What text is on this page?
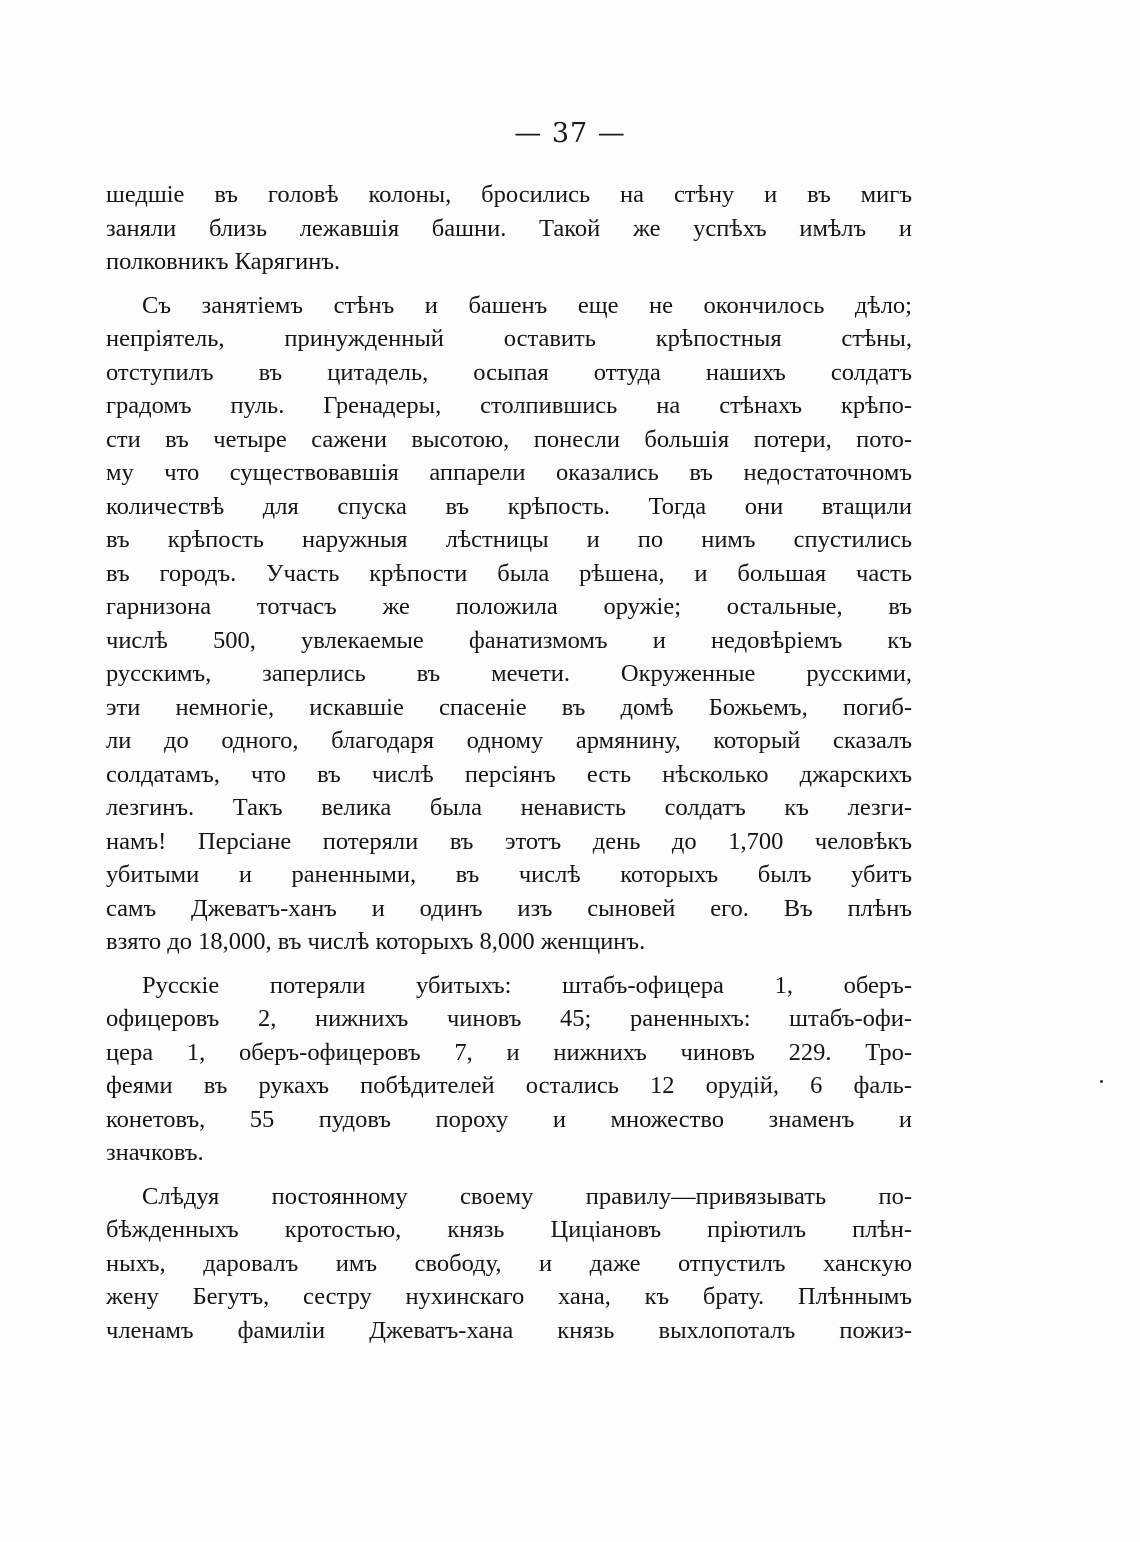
— 37 —
шедшіе въ головѣ колоны, бросились на стѣну и въ мигъ
заняли близь лежавшія башни. Такой же успѣхъ имѣлъ и
полковникъ Карягинъ.
Съ занятіемъ стѣнъ и башенъ еще не окончилось дѣло;
непріятель, принужденный оставить крѣпостныя стѣны,
отступилъ въ цитадель, осыпая оттуда нашихъ солдатъ
градомъ пуль. Гренадеры, столпившись на стѣнахъ крѣпо-
сти въ четыре сажени высотою, понесли большія потери, пото-
му что существовавшія аппарели оказались въ недостаточномъ
количествѣ для спуска въ крѣпость. Тогда они втащили
въ крѣпость наружныя лѣстницы и по нимъ спустились
въ городъ. Участь крѣпости была рѣшена, и большая часть
гарнизона тотчасъ же положила оружіе; остальные, въ
числѣ 500, увлекаемые фанатизмомъ и недовѣріемъ къ
русскимъ, заперлись въ мечети. Окруженные русскими,
эти немногіе, искавшіе спасеніе въ домѣ Божьемъ, погиб-
ли до одного, благодаря одному армянину, который сказалъ
солдатамъ, что въ числѣ персіянъ есть нѣсколько джарскихъ
лезгинъ. Такъ велика была ненависть солдатъ къ лезги-
намъ! Персіане потеряли въ этотъ день до 1,700 человѣкъ
убитыми и раненными, въ числѣ которыхъ былъ убитъ
самъ Джеватъ-ханъ и одинъ изъ сыновей его. Въ плѣнъ
взято до 18,000, въ числѣ которыхъ 8,000 женщинъ.
Русскіе потеряли убитыхъ: штабъ-офицера 1, оберъ-
офицеровъ 2, нижнихъ чиновъ 45; раненныхъ: штабъ-офи-
цера 1, оберъ-офицеровъ 7, и нижнихъ чиновъ 229. Тро-
феями въ рукахъ побѣдителей остались 12 орудій, 6 фаль-
конетовъ, 55 пудовъ пороху и множество знаменъ и
значковъ.
Слѣдуя постоянному своему правилу—привязывать по-
бѣжденныхъ кротостью, князь Цицiановъ пріютилъ плѣн-
ныхъ, даровалъ имъ свободу, и даже отпустилъ ханскую
жену Бегутъ, сестру нухинскаго хана, къ брату. Плѣннымъ
членамъ фамиліи Джеватъ-хана князь выхлопоталъ пожиз-
